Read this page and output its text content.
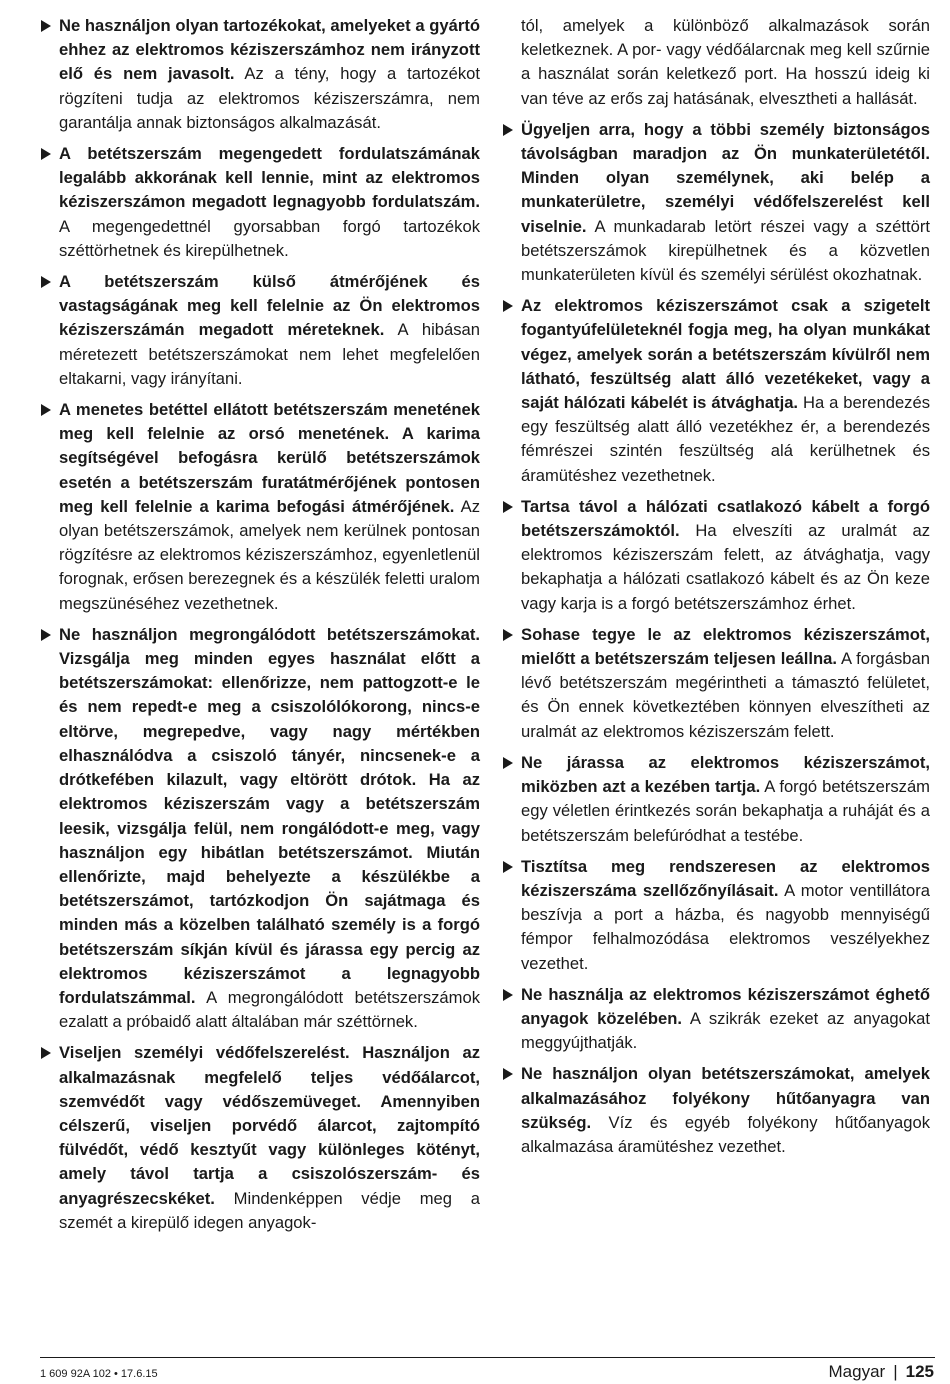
Ne használjon olyan tartozékokat, amelyeket a gyártó ehhez az elektromos kéziszerszámhoz nem irányzott elő és nem javasolt. Az a tény, hogy a tartozékot rögzíteni tudja az elektromos kéziszerszámra, nem garantálja annak biztonságos alkalmazását.
A betétszerszám megengedett fordulatszámának legalább akkorának kell lennie, mint az elektromos kéziszerszámon megadott legnagyobb fordulatszám. A megengedettnél gyorsabban forgó tartozékok széttörhetnek és kirepülhetnek.
A betétszerszám külső átmérőjének és vastagságának meg kell felelnie az Ön elektromos kéziszerszámán megadott méreteknek. A hibásan méretezett betétszerszámokat nem lehet megfelelően eltakarni, vagy irányítani.
A menetes betéttel ellátott betétszerszám menetének meg kell felelnie az orsó menetének. A karima segítségével befogásra kerülő betétszerszámok esetén a betétszerszám furatátmérőjének pontosen meg kell felelnie a karima befogási átmérőjének. Az olyan betétszerszámok, amelyek nem kerülnek pontosan rögzítésre az elektromos kéziszerszámhoz, egyenletlenül forognak, erősen berezegnek és a készülék feletti uralom megszünéséhez vezethetnek.
Ne használjon megrongálódott betétszerszámokat. Vizsgálja meg minden egyes használat előtt a betétszerszámokat: ellenőrizze, nem pattogzott-e le és nem repedt-e meg a csiszolólókorong, nincs-e eltörve, megrepedve, vagy nagy mértékben elhasználódva a csiszoló tányér, nincsenek-e a drótkefében kilazult, vagy eltörött drótok. Ha az elektromos kéziszerszám vagy a betétszerszám leesik, vizsgálja felül, nem rongálódott-e meg, vagy használjon egy hibátlan betétszerszámot. Miután ellenőrizte, majd behelyezte a készülékbe a betétszerszámot, tartózkodjon Ön sajátmaga és minden más a közelben található személy is a forgó betétszerszám síkján kívül és járassa egy percig az elektromos kéziszerszámot a legnagyobb fordulatszámmal. A megrongálódott betétszerszámok ezalatt a próbaidő alatt általában már széttörnek.
Viseljen személyi védőfelszerelést. Használjon az alkalmazásnak megfelelő teljes védőálarcot, szemvédőt vagy védőszemüveget. Amennyiben célszerű, viseljen porvédő álarcot, zajtompító fülvédőt, védő kesztyűt vagy különleges kötényt, amely távol tartja a csiszolószerszám- és anyagrészecskéket. Mindenképpen védje meg a szemét a kirepülő idegen anyagok-
tól, amelyek a különböző alkalmazások során keletkeznek. A por- vagy védőálarcnak meg kell szűrnie a használat során keletkező port. Ha hosszú ideig ki van téve az erős zaj hatásának, elvesztheti a hallását.
Ügyeljen arra, hogy a többi személy biztonságos távolságban maradjon az Ön munkaterületétől. Minden olyan személynek, aki belép a munkaterületre, személyi védőfelszerelést kell viselnie. A munkadarab letört részei vagy a széttört betétszerszámok kirepülhetnek és a közvetlen munkaterületen kívül és személyi sérülést okozhatnak.
Az elektromos kéziszerszámot csak a szigetelt fogantyúfelületeknél fogja meg, ha olyan munkákat végez, amelyek során a betétszerszám kívülről nem látható, feszültség alatt álló vezetékeket, vagy a saját hálózati kábelét is átvághatja. Ha a berendezés egy feszültség alatt álló vezetékhez ér, a berendezés fémrészei szintén feszültség alá kerülhetnek és áramütéshez vezethetnek.
Tartsa távol a hálózati csatlakozó kábelt a forgó betétszerszámoktól. Ha elveszíti az uralmát az elektromos kéziszerszám felett, az átvághatja, vagy bekaphatja a hálózati csatlakozó kábelt és az Ön keze vagy karja is a forgó betétszerszámhoz érhet.
Sohase tegye le az elektromos kéziszerszámot, mielőtt a betétszerszám teljesen leállna. A forgásban lévő betétszerszám megérintheti a támasztó felületet, és Ön ennek következtében könnyen elveszítheti az uralmát az elektromos kéziszerszám felett.
Ne járassa az elektromos kéziszerszámot, miközben azt a kezében tartja. A forgó betétszerszám egy véletlen érintkezés során bekaphatja a ruháját és a betétszerszám belefúródhat a testébe.
Tisztítsa meg rendszeresen az elektromos kéziszerszáma szellőzőnyílásait. A motor ventillátora beszívja a port a házba, és nagyobb mennyiségű fémpor felhalmozódása elektromos veszélyekhez vezethet.
Ne használja az elektromos kéziszerszámot éghető anyagok közelében. A szikrák ezeket az anyagokat meggyújthatják.
Ne használjon olyan betétszerszámokat, amelyek alkalmazásához folyékony hűtőanyagra van szükség. Víz és egyéb folyékony hűtőanyagok alkalmazása áramütéshez vezethet.
1 609 92A 102 • 17.6.15	Magyar | 125
